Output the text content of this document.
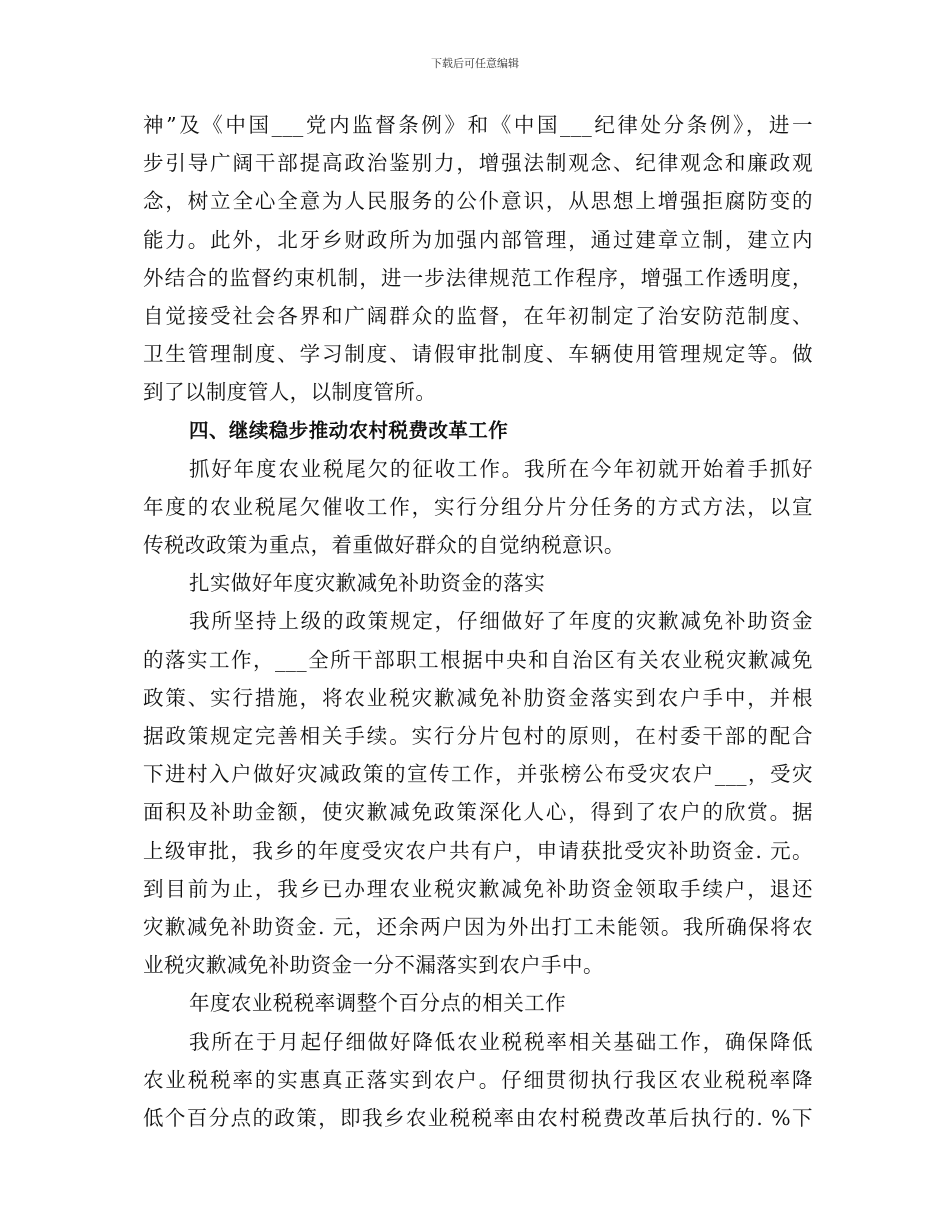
下载后可任意编辑
神”及《中国___党内监督条例》和《中国___纪律处分条例》，进一
步引导广阔干部提高政治鉴别力，增强法制观念、纪律观念和廉政观
念，树立全心全意为人民服务的公仆意识，从思想上增强拒腐防变的
能力。此外，北牙乡财政所为加强内部管理，通过建章立制，建立内
外结合的监督约束机制，进一步法律规范工作程序，增强工作透明度，
自觉接受社会各界和广阔群众的监督，在年初制定了治安防范制度、
卫生管理制度、学习制度、请假审批制度、车辆使用管理规定等。做
到了以制度管人，以制度管所。
四、继续稳步推动农村税费改革工作
抓好年度农业税尾欠的征收工作。我所在今年初就开始着手抓好
年度的农业税尾欠催收工作，实行分组分片分任务的方式方法，以宣
传税改政策为重点，着重做好群众的自觉纳税意识。
扎实做好年度灾歉减免补助资金的落实
我所坚持上级的政策规定，仔细做好了年度的灾歉减免补助资金
的落实工作，___全所干部职工根据中央和自治区有关农业税灾歉减免
政策、实行措施，将农业税灾歉减免补肋资金落实到农户手中，并根
据政策规定完善相关手续。实行分片包村的原则，在村委干部的配合
下进村入户做好灾减政策的宣传工作，并张榜公布受灾农户___，受灾
面积及补助金额，使灾歉减免政策深化人心，得到了农户的欣赏。据
上级审批，我乡的年度受灾农户共有户，申请获批受灾补助资金. 元。
到目前为止，我乡已办理农业税灾歉减免补助资金领取手续户，退还
灾歉减免补助资金. 元，还余两户因为外出打工未能领。我所确保将农
业税灾歉减免补助资金一分不漏落实到农户手中。
年度农业税税率调整个百分点的相关工作
我所在于月起仔细做好降低农业税税率相关基础工作，确保降低
农业税税率的实惠真正落实到农户。仔细贯彻执行我区农业税税率降
低个百分点的政策，即我乡农业税税率由农村税费改革后执行的. %下
